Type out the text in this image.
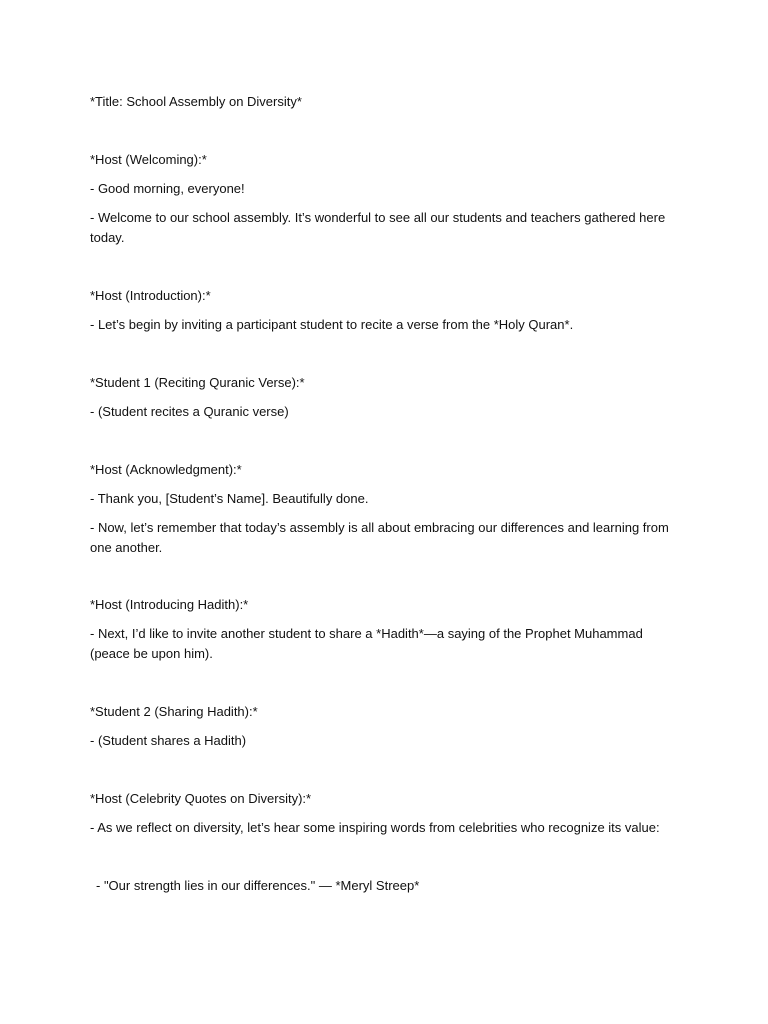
*Title: School Assembly on Diversity*
*Host (Welcoming):*
- Good morning, everyone!
- Welcome to our school assembly. It’s wonderful to see all our students and teachers gathered here today.
*Host (Introduction):*
- Let’s begin by inviting a participant student to recite a verse from the *Holy Quran*.
*Student 1 (Reciting Quranic Verse):*
- (Student recites a Quranic verse)
*Host (Acknowledgment):*
- Thank you, [Student’s Name]. Beautifully done.
- Now, let’s remember that today’s assembly is all about embracing our differences and learning from one another.
*Host (Introducing Hadith):*
- Next, I’d like to invite another student to share a *Hadith*—a saying of the Prophet Muhammad (peace be upon him).
*Student 2 (Sharing Hadith):*
- (Student shares a Hadith)
*Host (Celebrity Quotes on Diversity):*
- As we reflect on diversity, let’s hear some inspiring words from celebrities who recognize its value:
- "Our strength lies in our differences." — *Meryl Streep*
